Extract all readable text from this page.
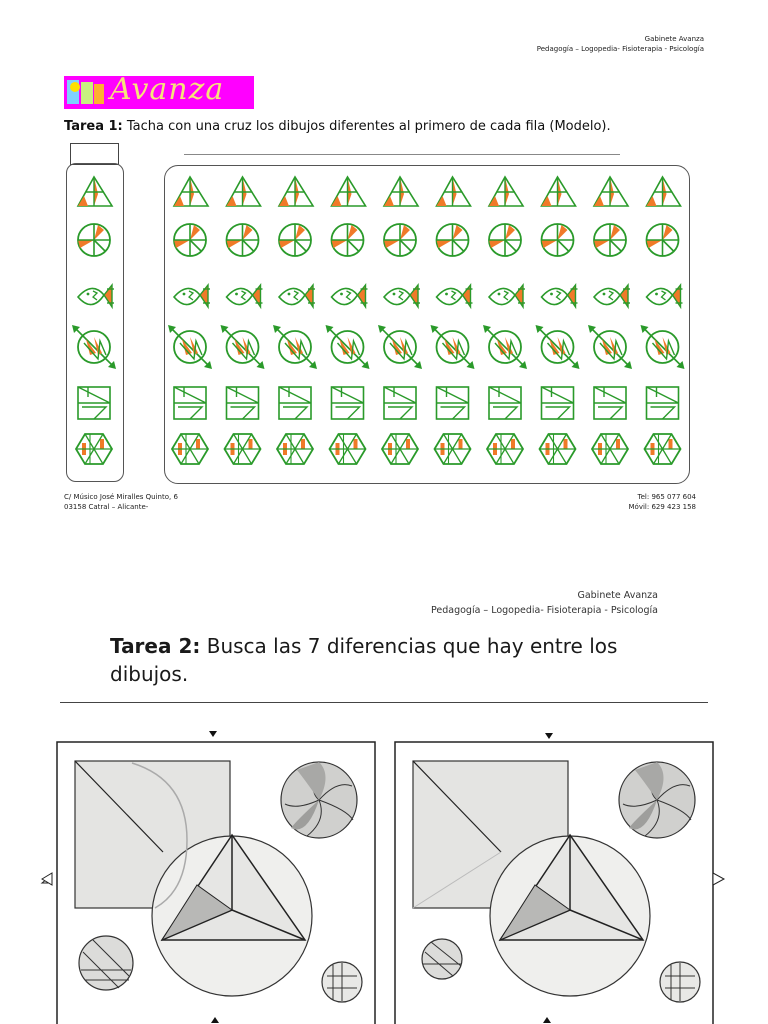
Gabinete Avanza
Pedagogía – Logopedia- Fisioterapia - Psicología
Avanza
Tarea 1: Tacha con una cruz los dibujos diferentes al primero de cada fila (Modelo).
C/ Músico José Miralles Quinto, 6
03158 Catral – Alicante-
Tel: 965 077 604
Móvil: 629 423 158
Gabinete Avanza
Pedagogía – Logopedia- Fisioterapia - Psicología
Tarea 2: Busca las 7 diferencias que hay entre los dibujos.
